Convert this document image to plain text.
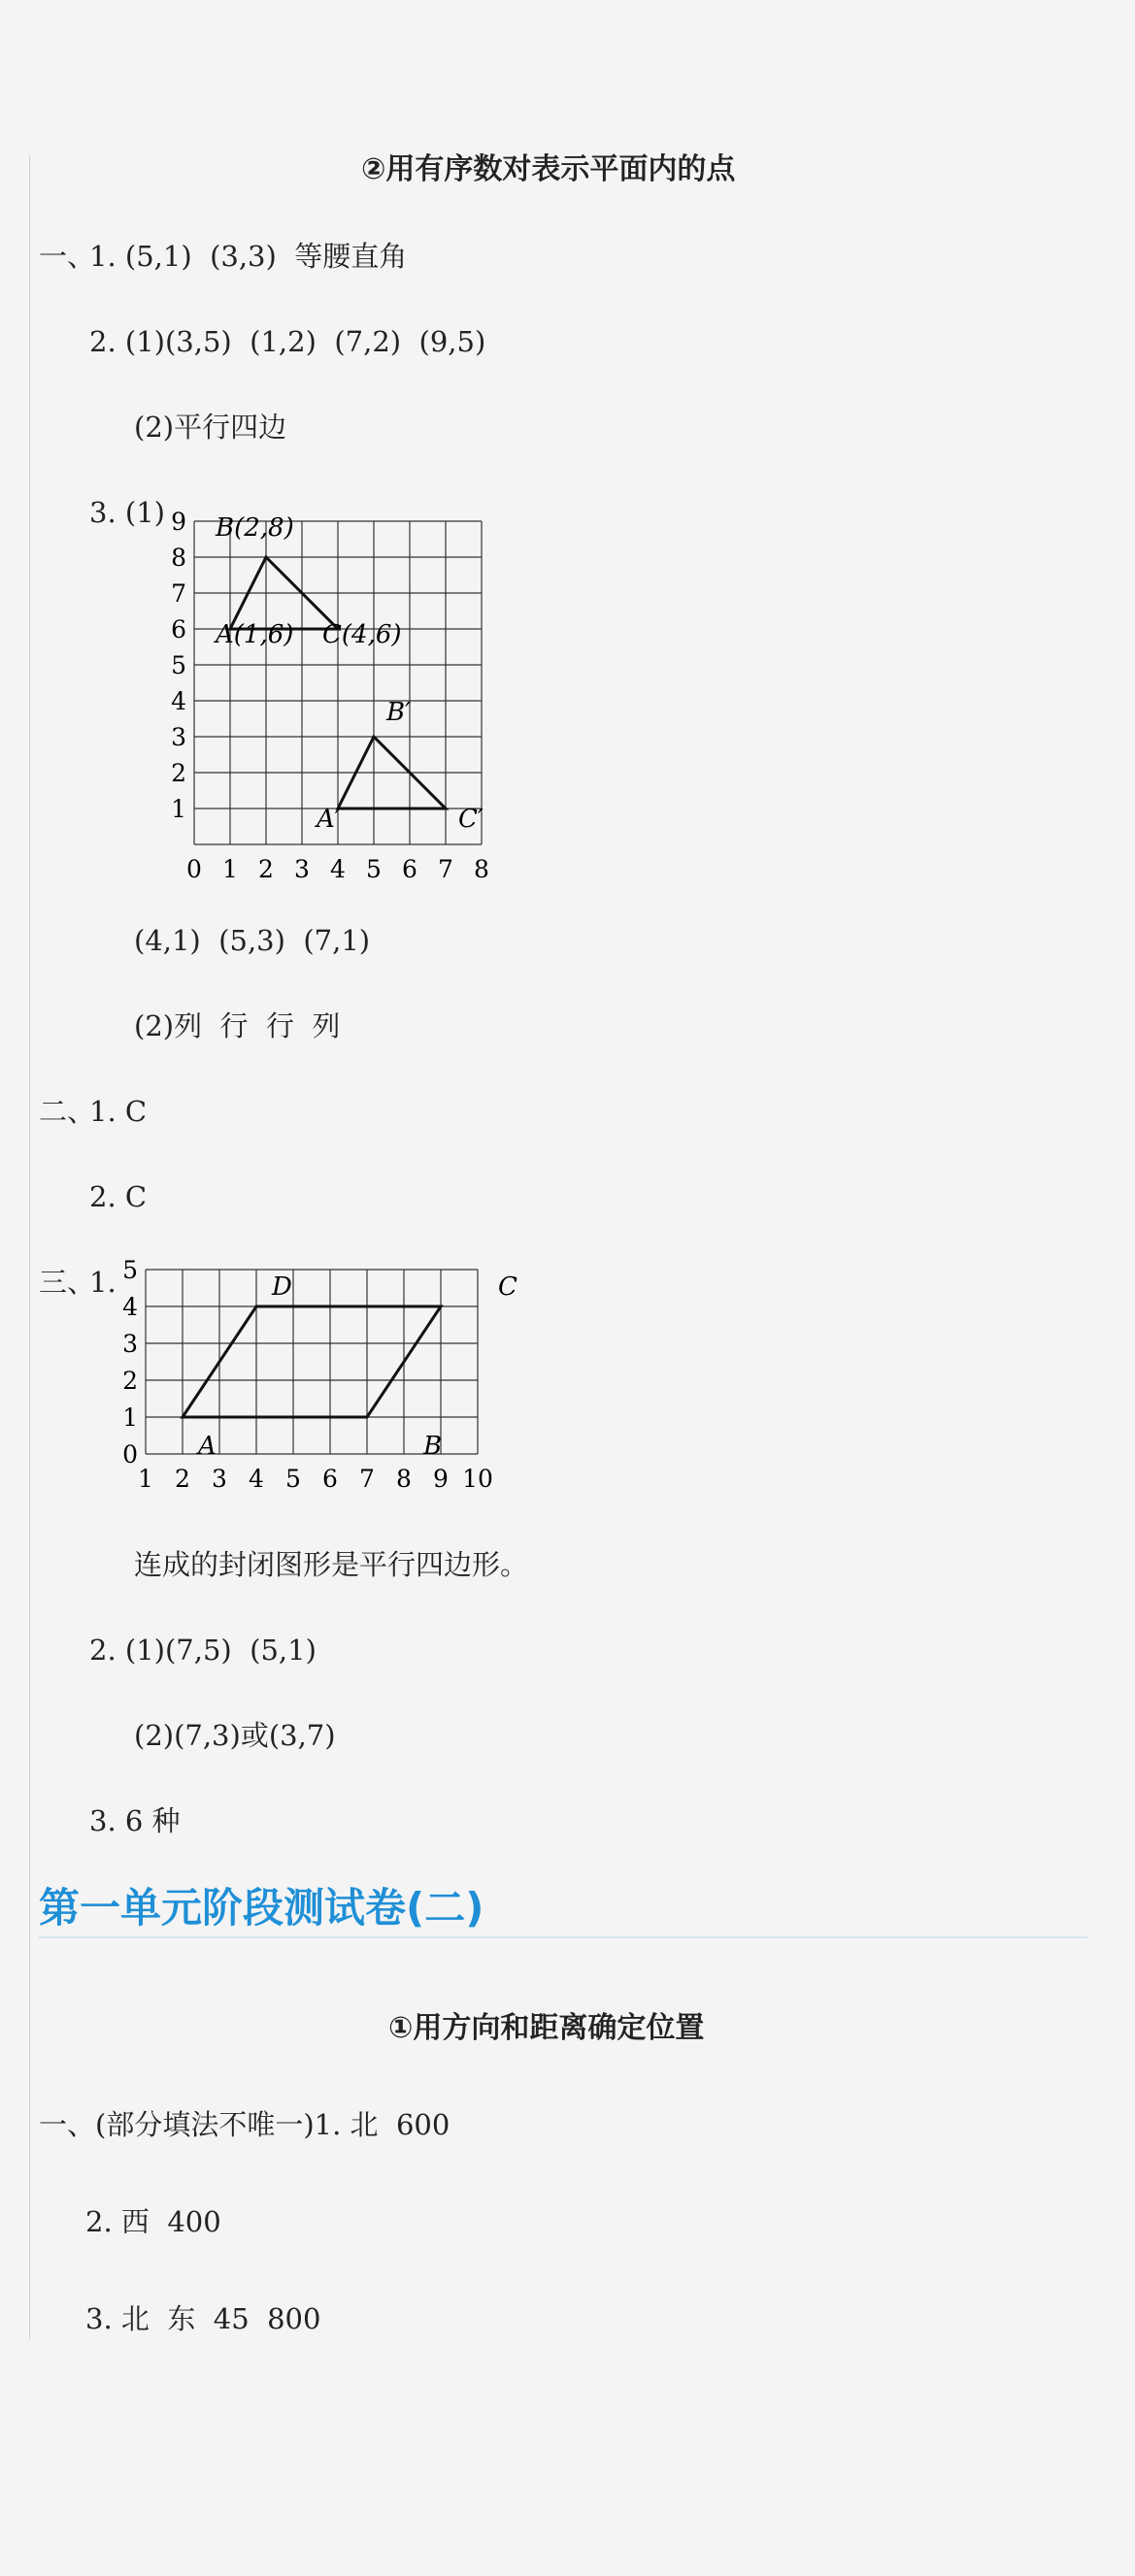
②用有序数对表示平面内的点
一、
1. (5,1)  (3,3)  等腰直角
2. (1)(3,5)  (1,2)  (7,2)  (9,5)
(2)平行四边
3. (1)
0 1 2 3 4 5 6 7 8
1
2
3
4
5
6
7
8
9 B(2,8)
A(1,6) C(4,6)
B′
A′	C′
(4,1)  (5,3)  (7,1)
(2)列  行  行  列
二、
1. C
2. C
三、
1.
1 2 3 4 5 6 7 8 9 10
0
1
2
3
4
5
A	B
C
D
连成的封闭图形是平行四边形。
2. (1)(7,5)  (5,1)
(2)(7,3)或(3,7)
3. 6 种
第一单元阶段测试卷(二)
①用方向和距离确定位置
一、(部分填法不唯一)1. 北  600
2. 西  400
3. 北  东  45  800
